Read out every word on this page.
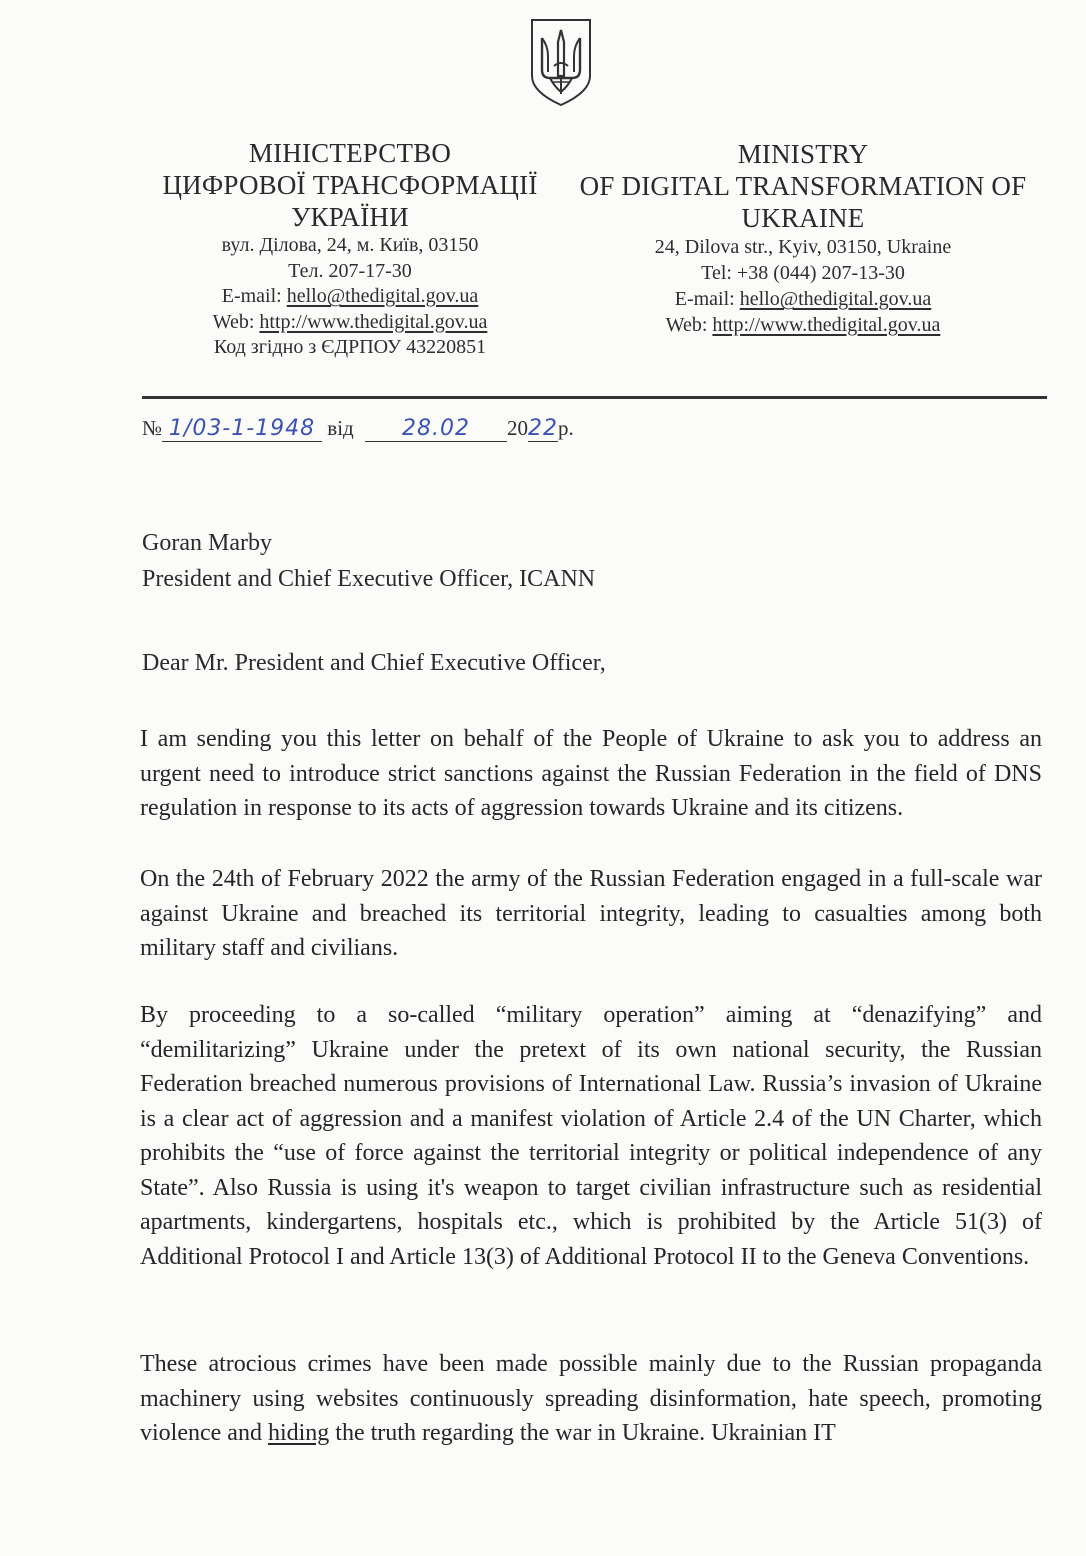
МІНІСТЕРСТВО
ЦИФРОВОЇ ТРАНСФОРМАЦІЇ
УКРАЇНИ
вул. Ділова, 24, м. Київ, 03150
Тел. 207-17-30
E-mail: hello@thedigital.gov.ua
Web: http://www.thedigital.gov.ua
Код згідно з ЄДРПОУ 43220851
MINISTRY
OF DIGITAL TRANSFORMATION OF
UKRAINE
24, Dilova str., Kyiv, 03150, Ukraine
Tel: +38 (044) 207-13-30
E-mail: hello@thedigital.gov.ua
Web: http://www.thedigital.gov.ua
№ 1/03-1-1948 від 28.02 2022р.
Goran Marby
President and Chief Executive Officer, ICANN
Dear Mr. President and Chief Executive Officer,

I am sending you this letter on behalf of the People of Ukraine to ask you to address an urgent need to introduce strict sanctions against the Russian Federation in the field of DNS regulation in response to its acts of aggression towards Ukraine and its citizens.

On the 24th of February 2022 the army of the Russian Federation engaged in a full-scale war against Ukraine and breached its territorial integrity, leading to casualties among both military staff and civilians.

By proceeding to a so-called “military operation” aiming at “denazifying” and “demilitarizing” Ukraine under the pretext of its own national security, the Russian Federation breached numerous provisions of International Law. Russia’s invasion of Ukraine is a clear act of aggression and a manifest violation of Article 2.4 of the UN Charter, which prohibits the “use of force against the territorial integrity or political independence of any State”. Also Russia is using it's weapon to target civilian infrastructure such as residential apartments, kindergartens, hospitals etc., which is prohibited by the Article 51(3) of Additional Protocol I and Article 13(3) of Additional Protocol II to the Geneva Conventions.

These atrocious crimes have been made possible mainly due to the Russian propaganda machinery using websites continuously spreading disinformation, hate speech, promoting violence and hiding the truth regarding the war in Ukraine. Ukrainian IT
